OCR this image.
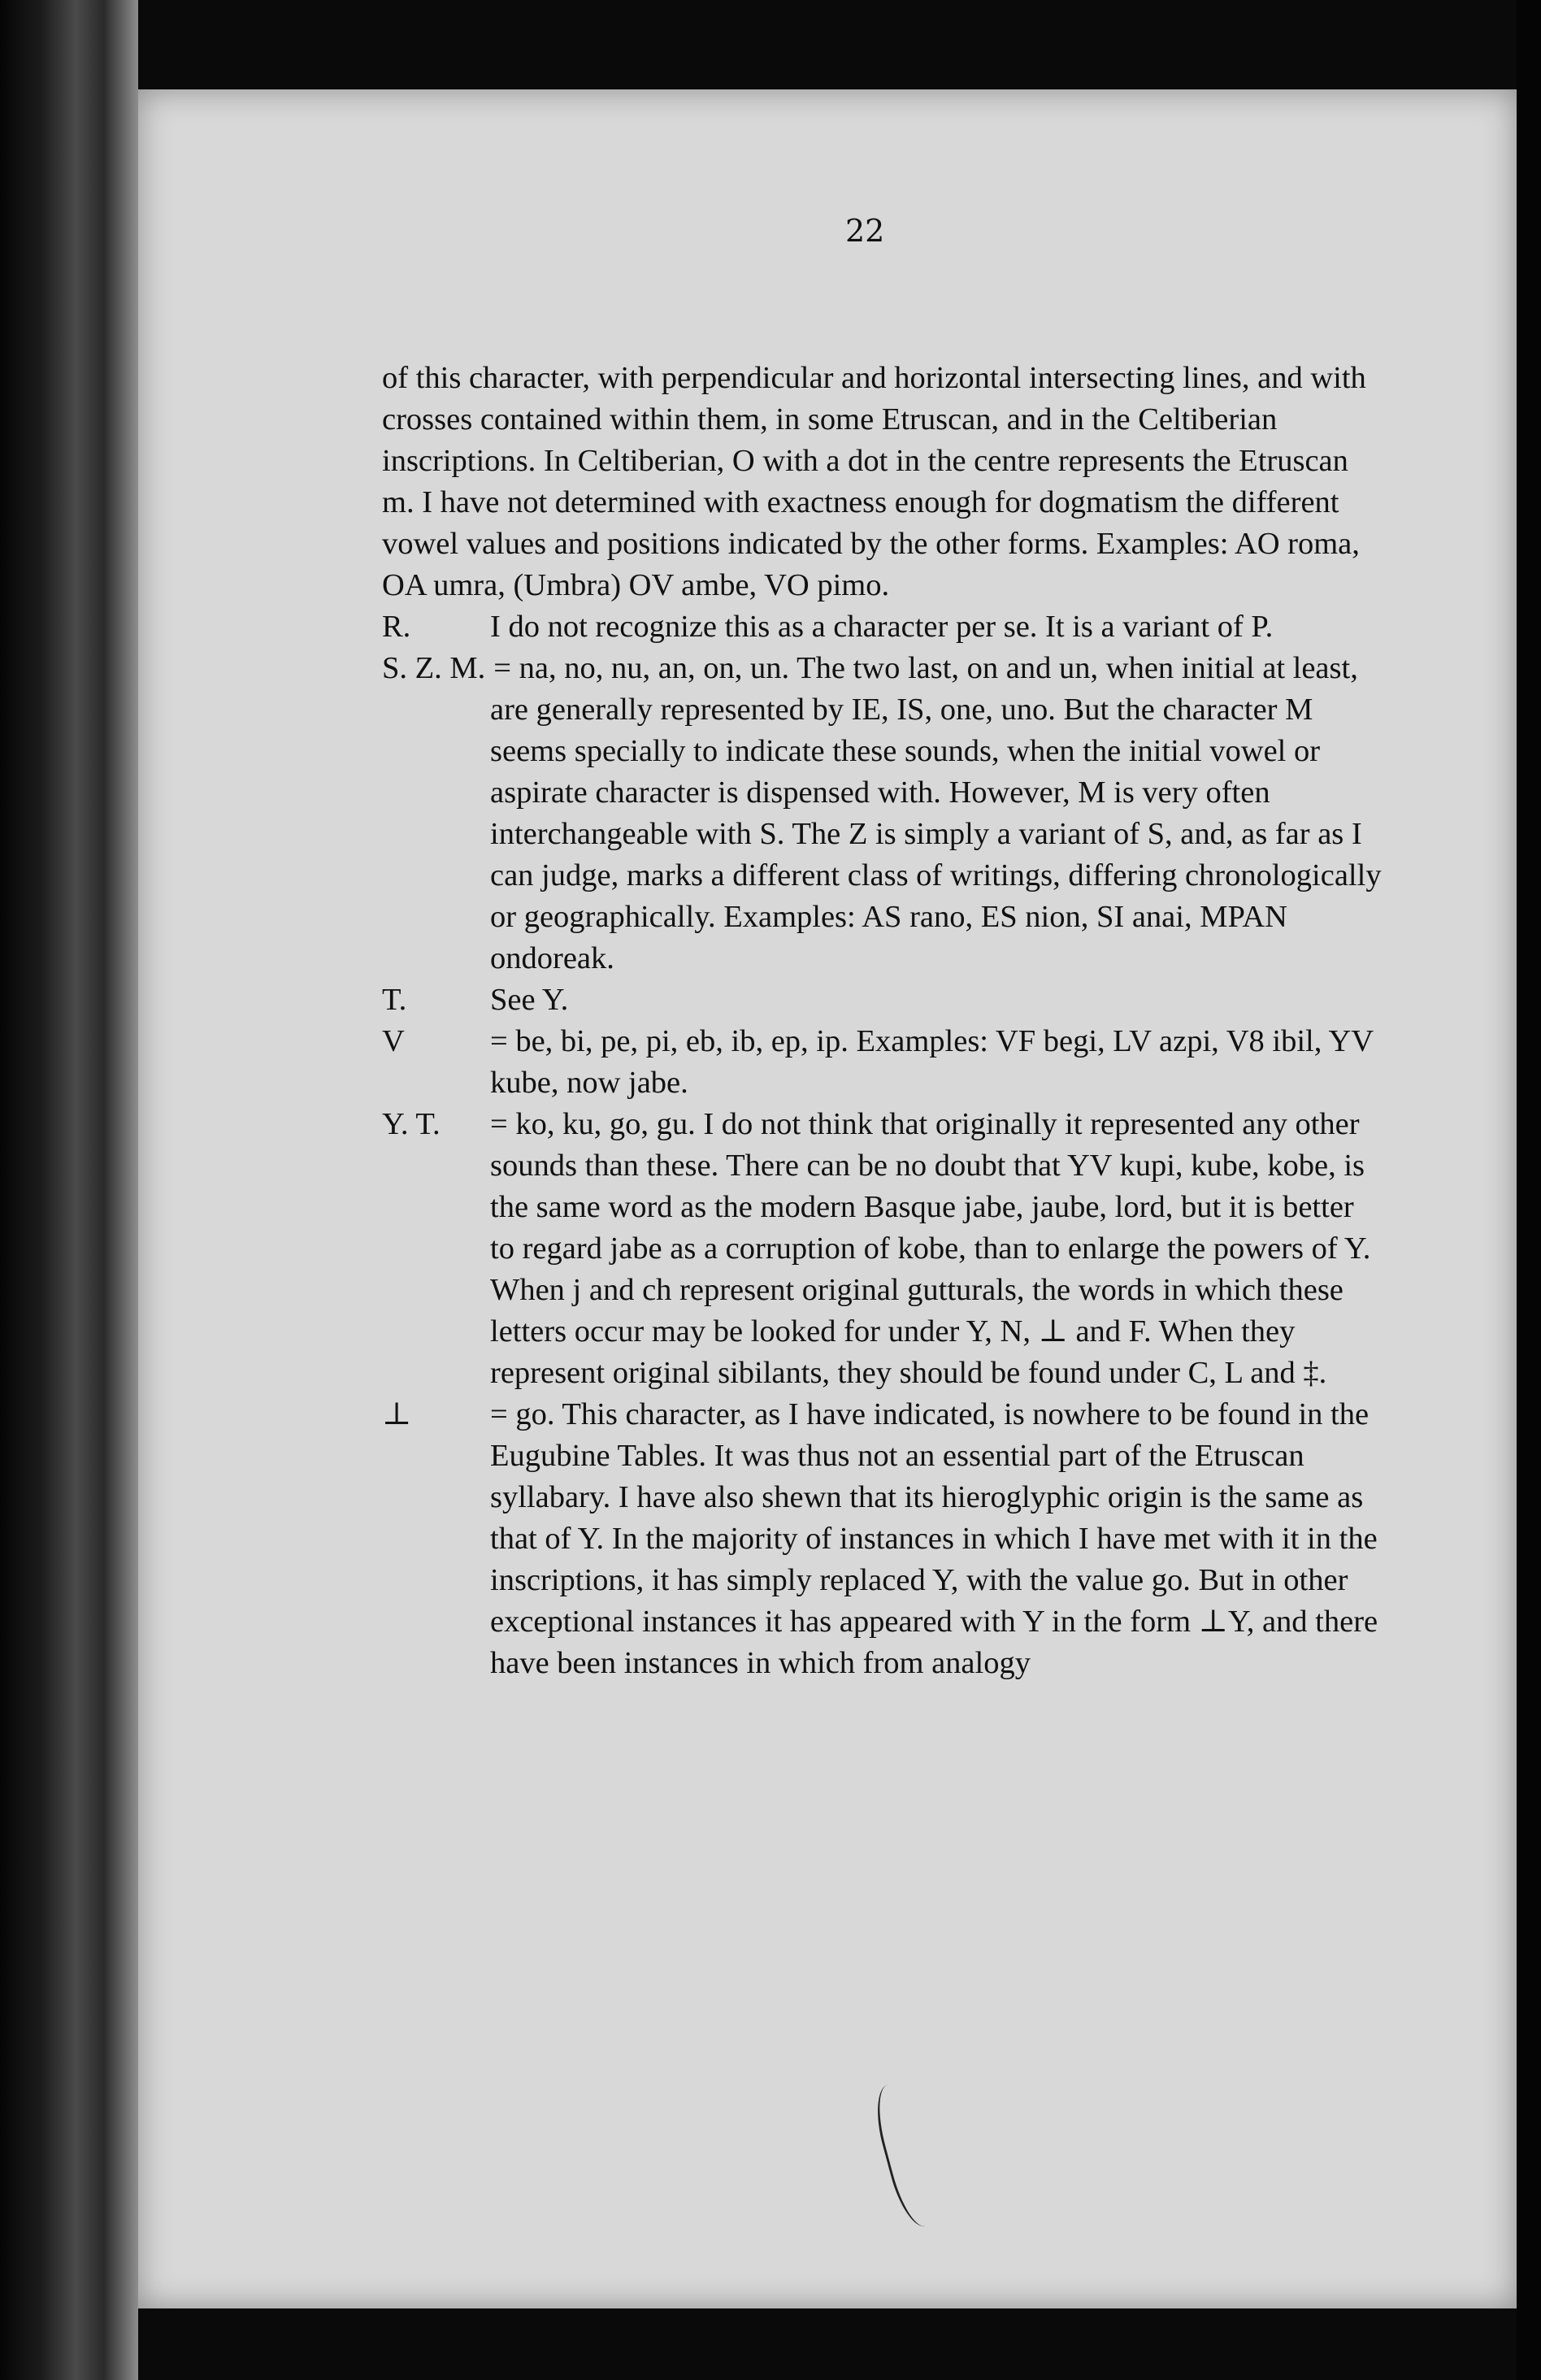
22

of this character, with perpendicular and horizontal intersecting lines, and with crosses contained within them, in some Etruscan, and in the Celtiberian inscriptions. In Celtiberian, O with a dot in the centre represents the Etruscan m. I have not determined with exactness enough for dogmatism the different vowel values and positions indicated by the other forms. Examples: AO roma, OA umra, (Umbra) OV ambe, VO pimo.

R.	I do not recognize this as a character per se. It is a variant of P.

S. Z. M. = na, no, nu, an, on, un. The two last, on and un, when initial at least, are generally represented by IE, IS, one, uno. But the character M seems specially to indicate these sounds, when the initial vowel or aspirate character is dispensed with. However, M is very often interchangeable with S. The Z is simply a variant of S, and, as far as I can judge, marks a different class of writings, differing chronologically or geographically. Examples: AS rano, ES nion, SI anai, MPAN ondoreak.

T.	See Y.

V	= be, bi, pe, pi, eb, ib, ep, ip. Examples: VF begi, LV azpi, V8 ibil, YV kube, now jabe.

Y. T. = ko, ku, go, gu. I do not think that originally it represented any other sounds than these. There can be no doubt that YV kupi, kube, kobe, is the same word as the modern Basque jabe, jaube, lord, but it is better to regard jabe as a corruption of kobe, than to enlarge the powers of Y. When j and ch represent original gutturals, the words in which these letters occur may be looked for under Y, N, ⊥ and F. When they represent original sibilants, they should be found under C, L and ‡.

⊥	= go. This character, as I have indicated, is nowhere to be found in the Eugubine Tables. It was thus not an essential part of the Etruscan syllabary. I have also shewn that its hieroglyphic origin is the same as that of Y. In the majority of instances in which I have met with it in the inscriptions, it has simply replaced Y, with the value go. But in other exceptional instances it has appeared with Y in the form ⊥Y, and there have been instances in which from analogy
